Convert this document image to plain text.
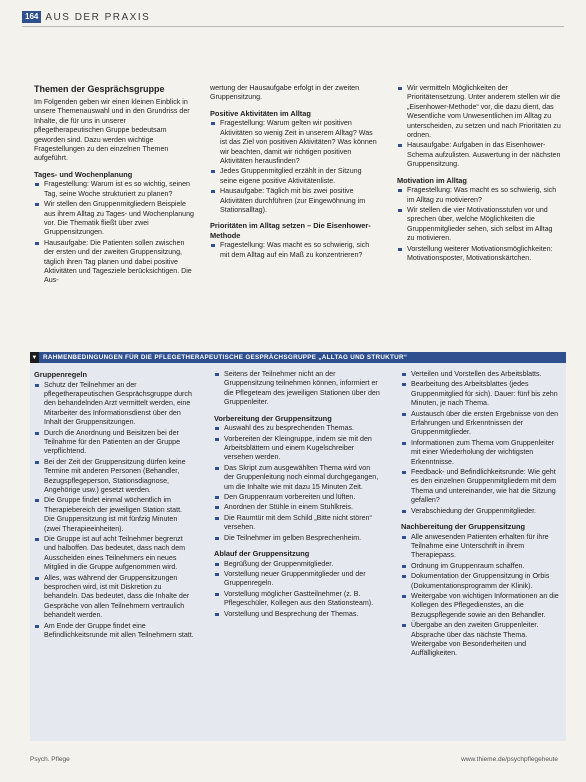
164 AUS DER PRAXIS
Themen der Gesprächsgruppe

Im Folgenden geben wir einen kleinen Einblick in unsere Themenauswahl und in den Grundriss der Inhalte, die für uns in unserer pflegetherapeutischen Gruppe bedeutsam geworden sind. Dazu werden wichtige Fragestellungen zu den einzelnen Themen aufgeführt.

Tages- und Wochenplanung
Fragestellung: Warum ist es so wichtig, seinen Tag, seine Woche strukturiert zu planen?
Wir stellen den Gruppenmitgliedern Beispiele aus ihrem Alltag zu Tages- und Wochenplanung vor. Die Thematik fließt über zwei Gruppensitzungen.
Hausaufgabe: Die Patienten sollen zwischen der ersten und der zweiten Gruppensitzung, täglich ihren Tag planen und dabei positive Aktivitäten und Tagesziele berücksichtigen. Die Aus-

wertung der Hausaufgabe erfolgt in der zweiten Gruppensitzung.

Positive Aktivitäten im Alltag
Fragestellung: Warum gelten wir positiven Aktivitäten so wenig Zeit in unserem Alltag? Was ist das Ziel von positiven Aktivitäten? Was können wir beachten, damit wir richtigen positiven Aktivitäten herausfinden?
Jedes Gruppenmitglied erzählt in der Sitzung seine eigene positive Aktivitätenliste.
Hausaufgabe: Täglich mit bis zwei positive Aktivitäten durchführen (zur Eingewöhnung im Stationsalltag).
Prioritäten im Alltag setzen – Die Eisenhower-Methode
Fragestellung: Was macht es so schwierig, sich mit dem Alltag auf ein Maß zu konzentrieren?
Wir vermitteln Möglichkeiten der Prioritätensetzung. Unter anderem stellen wir die „Eisenhower-Methode“ vor, die dazu dient, das Wesentliche vom Unwesentlichen im Alltag zu unterscheiden, zu setzen und nach Prioritäten zu ordnen.
Hausaufgabe: Aufgaben in das Eisenhower-Schema aufzulisten. Auswertung in der nächsten Gruppensitzung.
Motivation im Alltag
Fragestellung: Was macht es so schwierig, sich im Alltag zu motivieren?
Wir stellen die vier Motivationsstufen vor und sprechen über, welche Möglichkeiten die Gruppenmitglieder sehen, sich selbst im Alltag zu motivieren.
Vorstellung weiterer Motivationsmöglichkeiten: Motivationsposter, Motivationskärtchen.
▼ RAHMENBEDINGUNGEN FÜR DIE PFLEGETHERAPEUTISCHE GESPRÄCHSGRUPPE „ALLTAG UND STRUKTUR“
Gruppenregeln
Schutz der Teilnehmer an der pflegetherapeutischen Gesprächsgruppe durch den behandelnden Arzt vermittelt werden, eine Mitarbeiter des Informationsdienst über den Inhalt der Gruppensitzungen.
Durch die Anordnung und Beisitzen bei der Teilnahme für den Patienten an der Gruppe verpflichtend.
Bei der Zeit der Gruppensitzung dürfen keine Termine mit anderen Personen (Behandler, Bezugspflegeperson, Stationsdiagnose, Angehörige usw.) gesetzt werden.
Die Gruppe findet einmal wöchentlich im Therapiebereich der jeweiligen Station statt. Die Gruppensitzung ist mit fünfzig Minuten (zwei Therapieeinheiten).
Die Gruppe ist auf acht Teilnehmer begrenzt und halboffen. Das bedeutet, dass nach dem Ausscheiden eines Teilnehmers ein neues Mitglied in die Gruppe aufgenommen wird.
Alles, was während der Gruppensitzungen besprochen wird, ist mit Diskretion zu behandeln. Das bedeutet, dass die Inhalte der Gespräche von allen Teilnehmern vertraulich behandelt werden.
Am Ende der Gruppe findet eine Befindlichkeitsrunde mit allen Teilnehmern statt.
Seitens der Teilnehmer nicht an der Gruppensitzung teilnehmen können, informiert er die Pflegeteam des jeweiligen Stationen über den Gruppenleiter.
Vorbereitung der Gruppensitzung
Auswahl des zu besprechenden Themas.
Vorbereiten der Kleingruppe, indem sie mit den Arbeitsblättern und einem Kugelschreiber versehen werden.
Das Skript zum ausgewählten Thema wird von der Gruppenleitung noch einmal durchgegangen, um die Inhalte wie mit dazu 15 Minuten Zeit.
Den Gruppenraum vorbereiten und lüften.
Anordnen der Stühle in einem Stuhlkreis.
Die Raumtür mit dem Schild „Bitte nicht stören“ versehen.
Die Teilnehmer im gelben Besprechenheim.
Ablauf der Gruppensitzung
Begrüßung der Gruppenmitglieder.
Vorstellung neuer Gruppenmitglieder und der Gruppenregeln.
Vorstellung möglicher Gastteilnehmer (z. B. Pflegeschüler, Kollegen aus den Stationsteam).
Vorstellung und Besprechung der Themas.
Verteilen und Vorstellen des Arbeitsblatts.
Bearbeitung des Arbeitsblattes (jedes Gruppenmitglied für sich). Dauer: fünf bis zehn Minuten, je nach Thema.
Austausch über die ersten Ergebnisse von den Erfahrungen und Erkenntnissen der Gruppenmitglieder.
Informationen zum Thema vom Gruppenleiter mit einer Wiederholung der wichtigsten Erkenntnisse.
Feedback- und Befindlichkeitsrunde: Wie geht es den einzelnen Gruppenmitgliedern mit dem Thema und untereinander, wie hat die Sitzung gefallen?
Verabschiedung der Gruppenmitglieder.
Nachbereitung der Gruppensitzung
Alle anwesenden Patienten erhalten für ihre Teilnahme eine Unterschrift in ihrem Therapiepass.
Ordnung im Gruppenraum schaffen.
Dokumentation der Gruppensitzung in Orbis (Dokumentationsprogramm der Klinik).
Weitergabe von wichtigen Informationen an die Kollegen des Pflegedienstes, an die Bezugspflegende sowie an den Behandler.
Übergabe an den zweiten Gruppenleiter. Absprache über das nächste Thema. Weitergabe von Besonderheiten und Auffälligkeiten.
Psych. Pflege	www.thieme.de/psychpflegeheute
